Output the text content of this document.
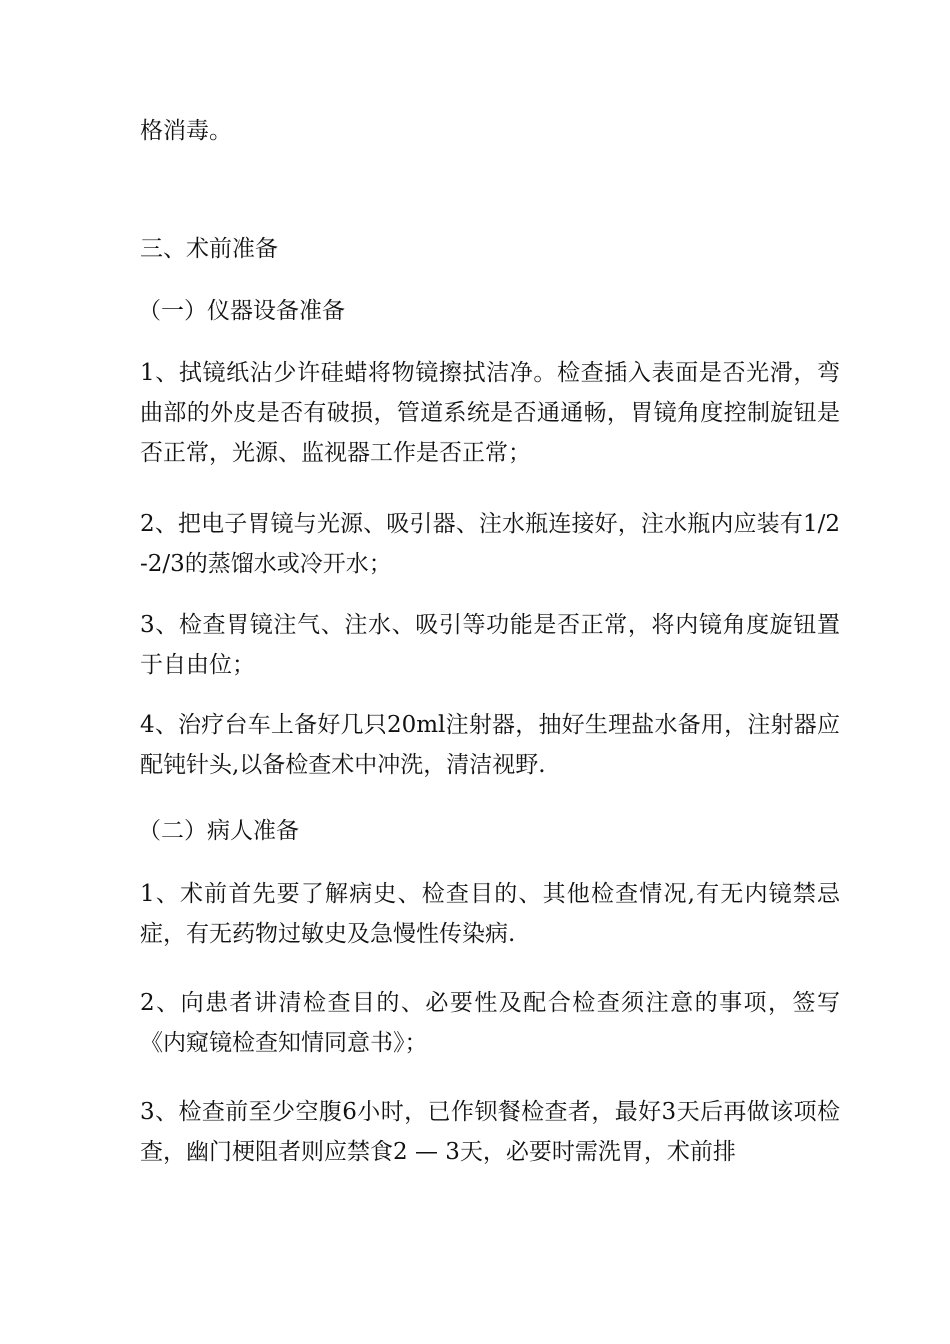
格消毒。

三、术前准备

（一）仪器设备准备

1、拭镜纸沾少许硅蜡将物镜擦拭洁净。检查插入表面是否光滑，弯曲部的外皮是否有破损，管道系统是否通通畅，胃镜角度控制旋钮是否正常，光源、监视器工作是否正常；

2、把电子胃镜与光源、吸引器、注水瓶连接好，注水瓶内应装有1/2-2/3的蒸馏水或冷开水；

3、检查胃镜注气、注水、吸引等功能是否正常，将内镜角度旋钮置于自由位；

4、治疗台车上备好几只20ml注射器，抽好生理盐水备用，注射器应配钝针头,以备检查术中冲洗，清洁视野.

（二）病人准备

1、术前首先要了解病史、检查目的、其他检查情况,有无内镜禁忌症，有无药物过敏史及急慢性传染病.

2、向患者讲清检查目的、必要性及配合检查须注意的事项，签写《内窥镜检查知情同意书》；

3、检查前至少空腹6小时，已作钡餐检查者，最好3天后再做该项检查，幽门梗阻者则应禁食2 — 3天，必要时需洗胃，术前排
